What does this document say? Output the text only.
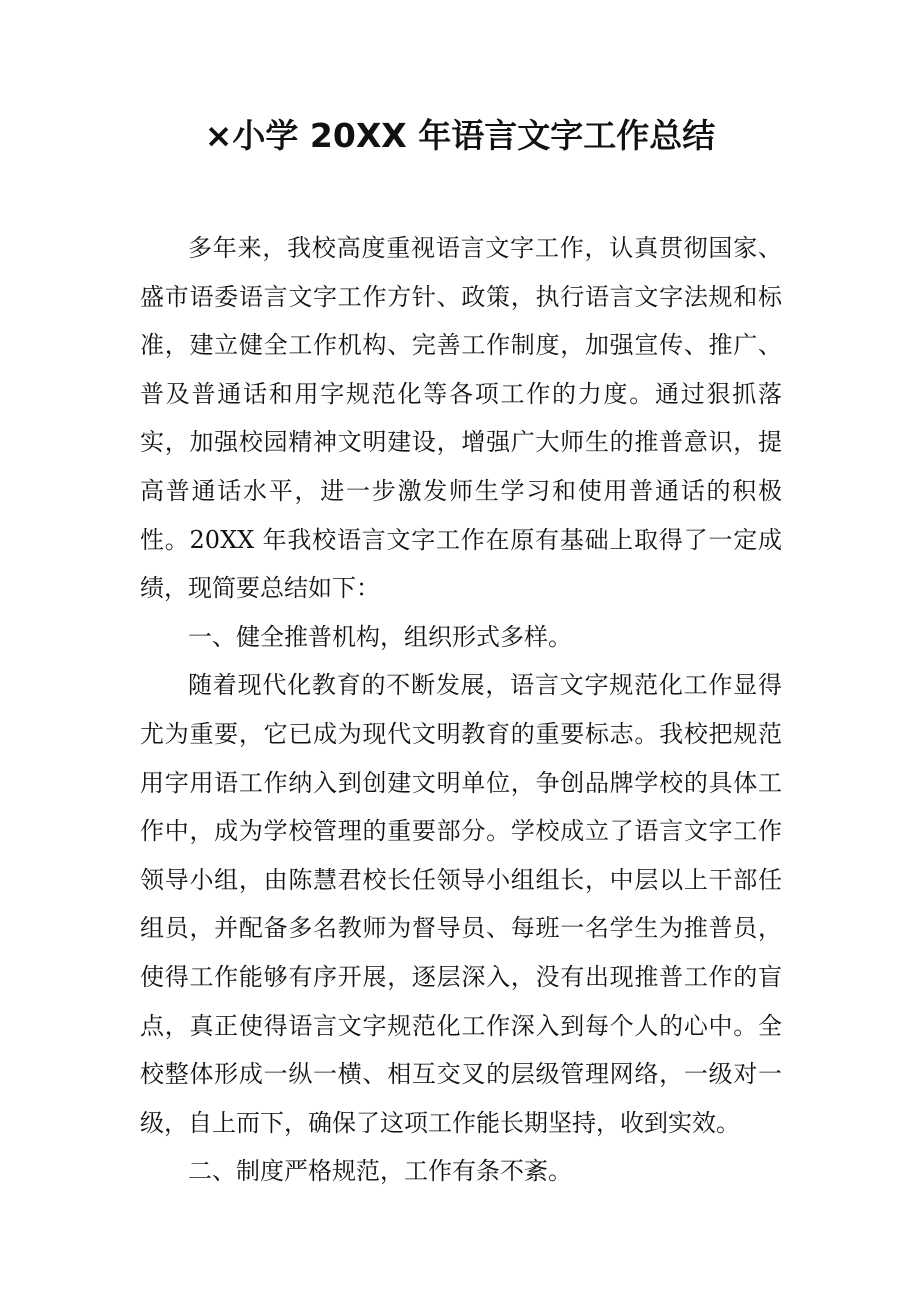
×小学 20XX 年语言文字工作总结

多年来，我校高度重视语言文字工作，认真贯彻国家、盛市语委语言文字工作方针、政策，执行语言文字法规和标准，建立健全工作机构、完善工作制度，加强宣传、推广、普及普通话和用字规范化等各项工作的力度。通过狠抓落实，加强校园精神文明建设，增强广大师生的推普意识，提高普通话水平，进一步激发师生学习和使用普通话的积极性。20XX 年我校语言文字工作在原有基础上取得了一定成绩，现简要总结如下：

一、健全推普机构，组织形式多样。

随着现代化教育的不断发展，语言文字规范化工作显得尤为重要，它已成为现代文明教育的重要标志。我校把规范用字用语工作纳入到创建文明单位，争创品牌学校的具体工作中，成为学校管理的重要部分。学校成立了语言文字工作领导小组，由陈慧君校长任领导小组组长，中层以上干部任组员，并配备多名教师为督导员、每班一名学生为推普员，使得工作能够有序开展，逐层深入，没有出现推普工作的盲点，真正使得语言文字规范化工作深入到每个人的心中。全校整体形成一纵一横、相互交叉的层级管理网络，一级对一级，自上而下，确保了这项工作能长期坚持，收到实效。

二、制度严格规范，工作有条不紊。
